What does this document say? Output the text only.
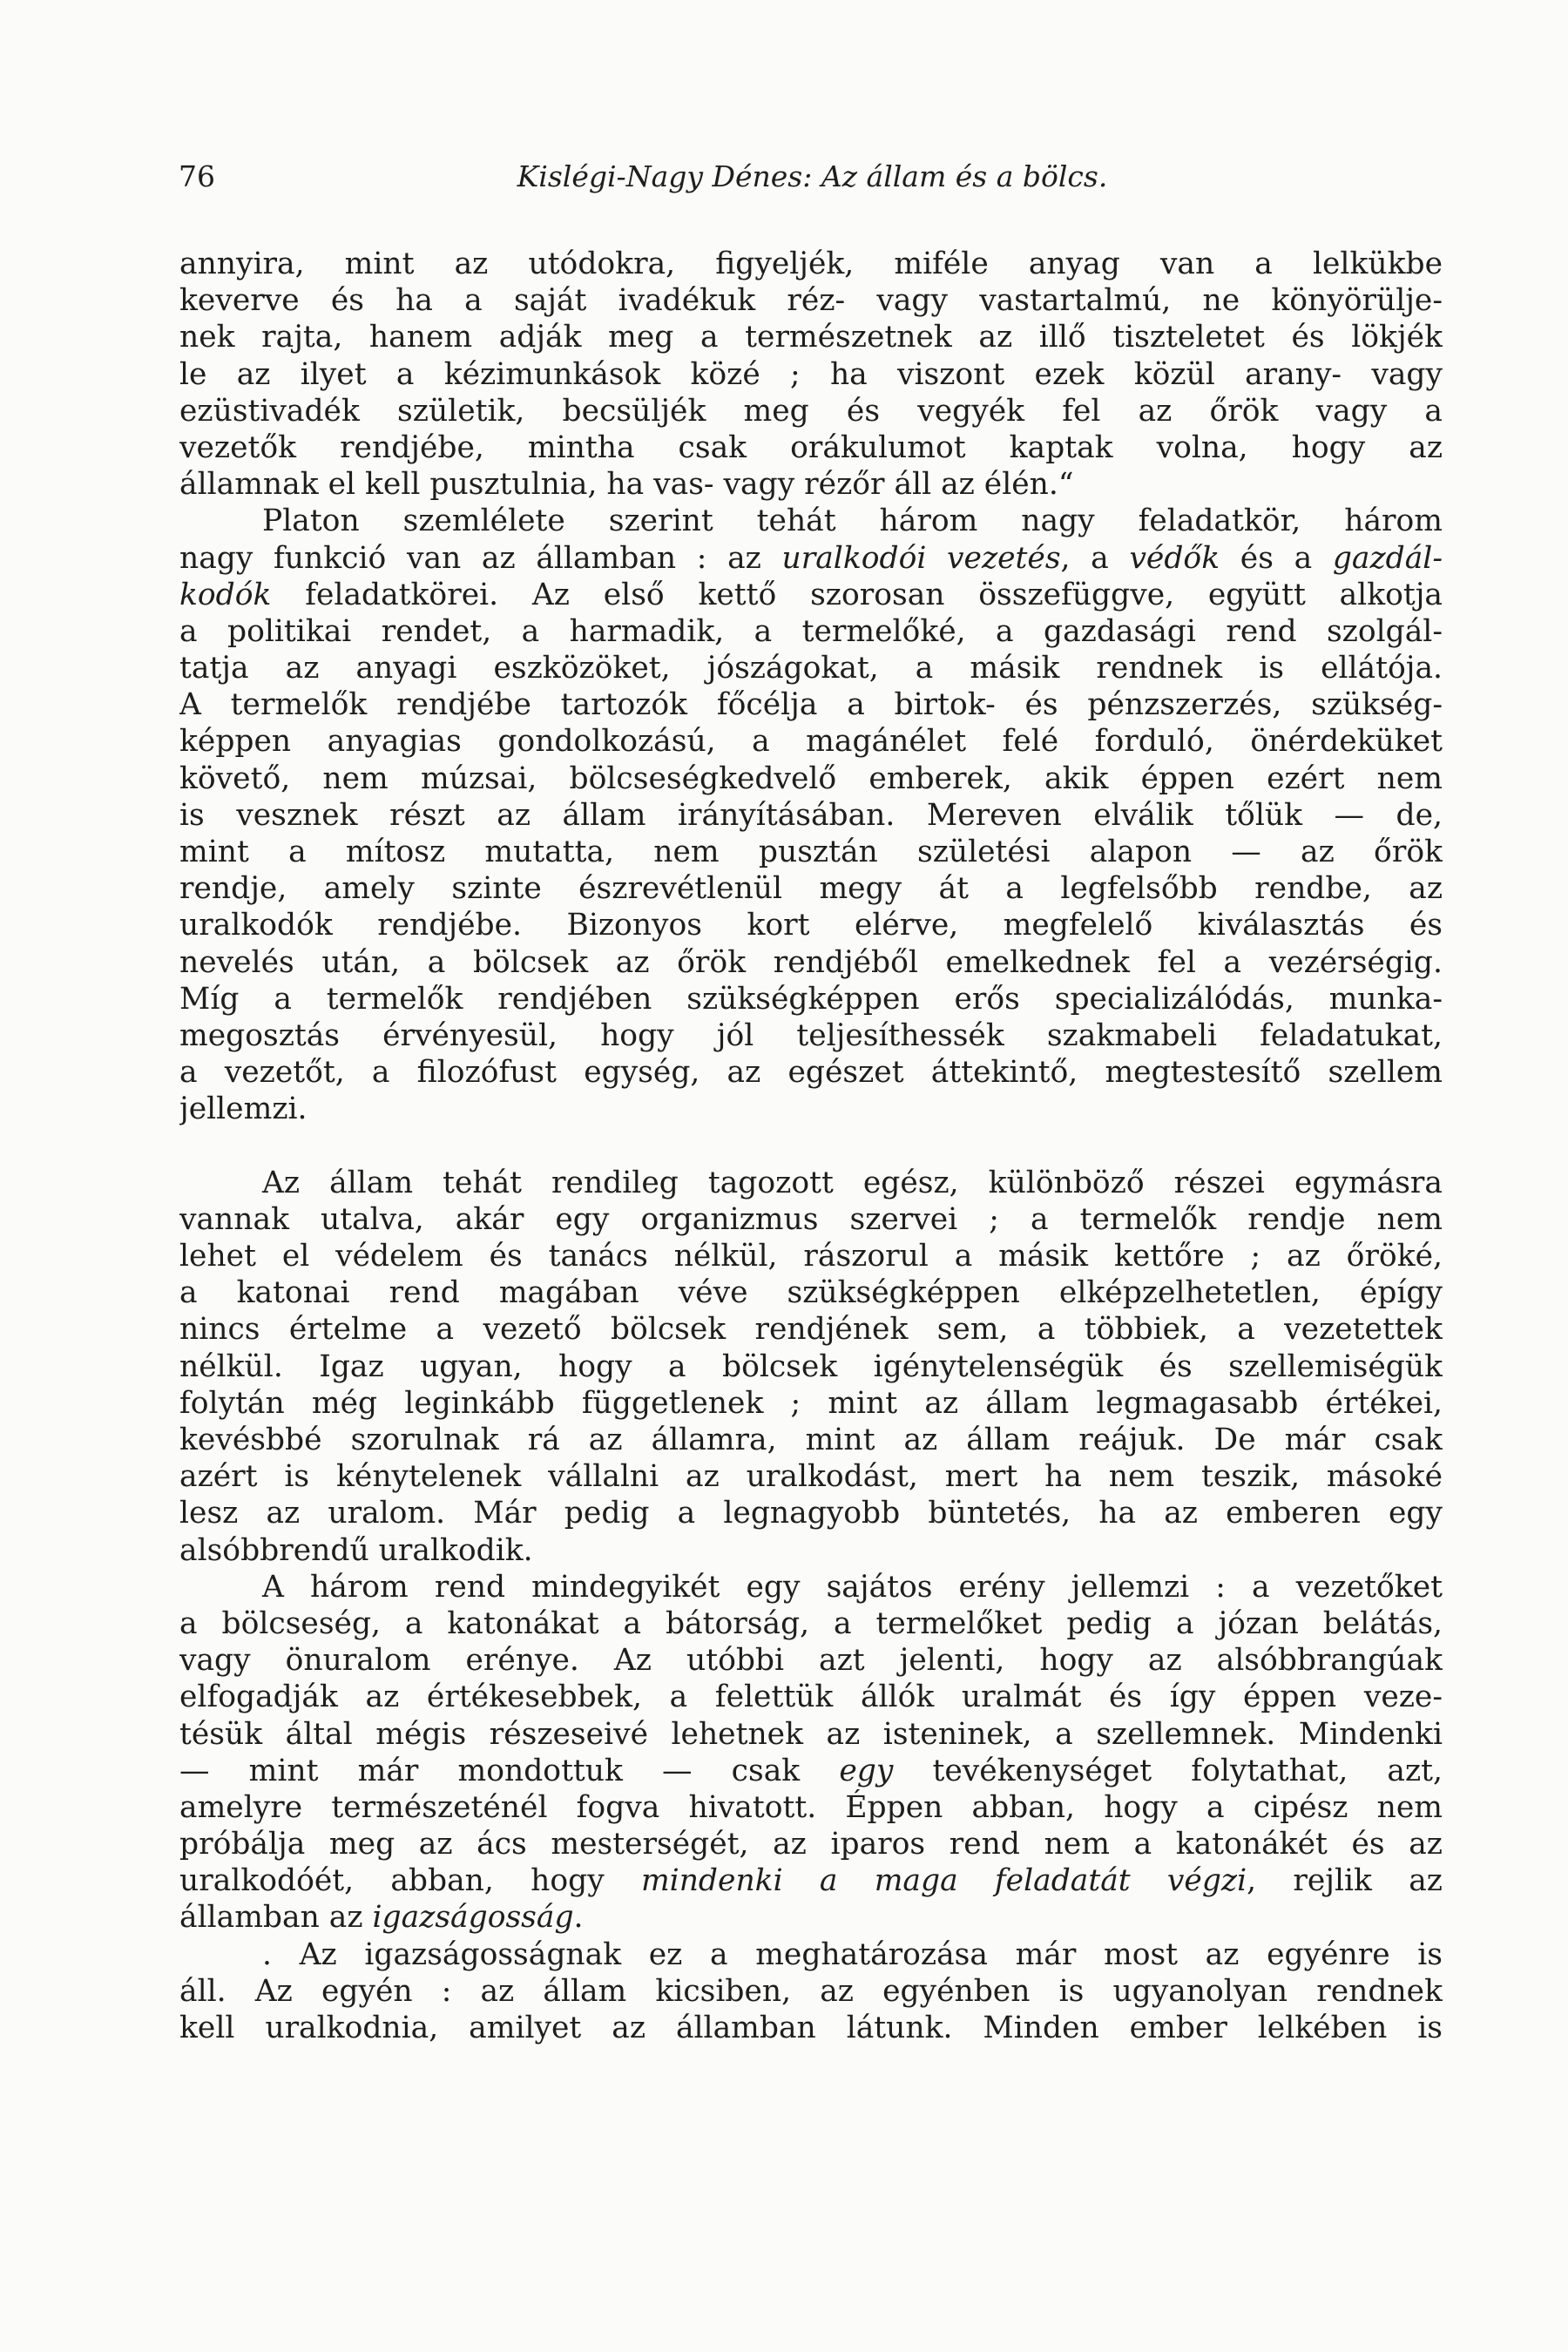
76	Kislégi-Nagy Dénes: Az állam és a bölcs.
annyira, mint az utódokra, figyeljék, miféle anyag van a lelkükbe
keverve és ha a saját ivadékuk réz- vagy vastartalmú, ne könyörülje-
nek rajta, hanem adják meg a természetnek az illő tiszteletet és lökjék
le az ilyet a kézimunkások közé ; ha viszont ezek közül arany- vagy
ezüstivadék születik, becsüljék meg és vegyék fel az őrök vagy a
vezetők rendjébe, mintha csak orákulumot kaptak volna, hogy az
államnak el kell pusztulnia, ha vas- vagy rézőr áll az élén.“
Platon szemlélete szerint tehát három nagy feladatkör, három
nagy funkció van az államban : az uralkodói vezetés, a védők és a gazdál-
kodók feladatkörei. Az első kettő szorosan összefüggve, együtt alkotja
a politikai rendet, a harmadik, a termelőké, a gazdasági rend szolgál-
tatja az anyagi eszközöket, jószágokat, a másik rendnek is ellátója.
A termelők rendjébe tartozók főcélja a birtok- és pénzszerzés, szükség-
képpen anyagias gondolkozású, a magánélet felé forduló, önérdeküket
követő, nem múzsai, bölcseségkedvelő emberek, akik éppen ezért nem
is vesznek részt az állam irányításában. Mereven elválik tőlük — de,
mint a mítosz mutatta, nem pusztán születési alapon — az őrök
rendje, amely szinte észrevétlenül megy át a legfelsőbb rendbe, az
uralkodók rendjébe. Bizonyos kort elérve, megfelelő kiválasztás és
nevelés után, a bölcsek az őrök rendjéből emelkednek fel a vezérségig.
Míg a termelők rendjében szükségképpen erős specializálódás, munka-
megosztás érvényesül, hogy jól teljesíthessék szakmabeli feladatukat,
a vezetőt, a filozófust egység, az egészet áttekintő, megtestesítő szellem
jellemzi.
Az állam tehát rendileg tagozott egész, különböző részei egymásra
vannak utalva, akár egy organizmus szervei ; a termelők rendje nem
lehet el védelem és tanács nélkül, rászorul a másik kettőre ; az őröké,
a katonai rend magában véve szükségképpen elképzelhetetlen, épígy
nincs értelme a vezető bölcsek rendjének sem, a többiek, a vezetettek
nélkül. Igaz ugyan, hogy a bölcsek igénytelenségük és szellemiségük
folytán még leginkább függetlenek ; mint az állam legmagasabb értékei,
kevésbbé szorulnak rá az államra, mint az állam reájuk. De már csak
azért is kénytelenek vállalni az uralkodást, mert ha nem teszik, másoké
lesz az uralom. Már pedig a legnagyobb büntetés, ha az emberen egy
alsóbbrendű uralkodik.
A három rend mindegyikét egy sajátos erény jellemzi : a vezetőket
a bölcseség, a katonákat a bátorság, a termelőket pedig a józan belátás,
vagy önuralom erénye. Az utóbbi azt jelenti, hogy az alsóbbrangúak
elfogadják az értékesebbek, a felettük állók uralmát és így éppen veze-
tésük által mégis részeseivé lehetnek az isteninek, a szellemnek. Mindenki
— mint már mondottuk — csak egy tevékenységet folytathat, azt,
amelyre természeténél fogva hivatott. Éppen abban, hogy a cipész nem
próbálja meg az ács mesterségét, az iparos rend nem a katonákét és az
uralkodóét, abban, hogy mindenki a maga feladatát végzi, rejlik az
államban az igazságosság.
. Az igazságosságnak ez a meghatározása már most az egyénre is
áll. Az egyén : az állam kicsiben, az egyénben is ugyanolyan rendnek
kell uralkodnia, amilyet az államban látunk. Minden ember lelkében is
